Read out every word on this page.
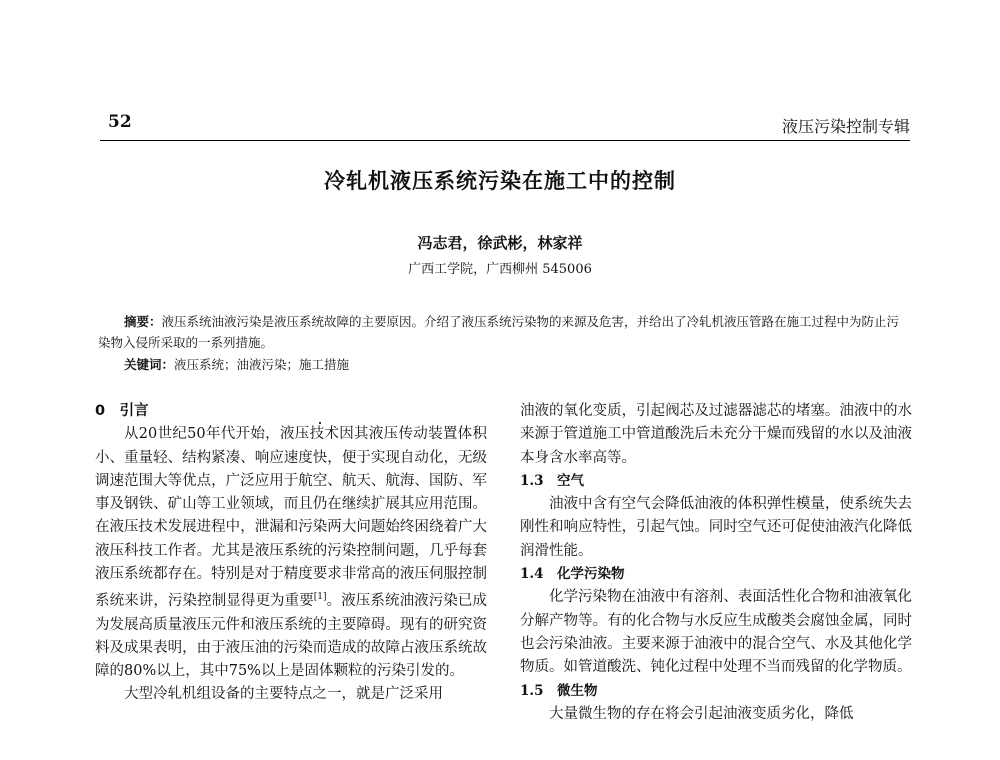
52	液压污染控制专辑
冷轧机液压系统污染在施工中的控制
冯志君，徐武彬，林家祥
广西工学院，广西柳州 545006
摘要：液压系统油液污染是液压系统故障的主要原因。介绍了液压系统污染物的来源及危害，并给出了冷轧机液压管路在施工过程中为防止污染物入侵所采取的一系列措施。
关键词：液压系统；油液污染；施工措施
0　引言
从20世纪50年代开始，液压技术因其液压传动装置体积小、重量轻、结构紧凑、响应速度快，便于实现自动化，无级调速范围大等优点，广泛应用于航空、航天、航海、国防、军事及钢铁、矿山等工业领域，而且仍在继续扩展其应用范围。在液压技术发展进程中，泄漏和污染两大问题始终困绕着广大液压科技工作者。尤其是液压系统的污染控制问题，几乎每套液压系统都存在。特别是对于精度要求非常高的液压伺服控制系统来讲，污染控制显得更为重要[1]。液压系统油液污染已成为发展高质量液压元件和液压系统的主要障碍。现有的研究资料及成果表明，由于液压油的污染而造成的故障占液压系统故障的80%以上，其中75%以上是固体颗粒的污染引发的。
大型冷轧机组设备的主要特点之一，就是广泛采用
油液的氧化变质，引起阀芯及过滤器滤芯的堵塞。油液中的水来源于管道施工中管道酸洗后未充分干燥而残留的水以及油液本身含水率高等。
1.3　空气
油液中含有空气会降低油液的体积弹性模量，使系统失去刚性和响应特性，引起气蚀。同时空气还可促使油液汽化降低润滑性能。
1.4　化学污染物
化学污染物在油液中有溶剂、表面活性化合物和油液氧化分解产物等。有的化合物与水反应生成酸类会腐蚀金属，同时也会污染油液。主要来源于油液中的混合空气、水及其他化学物质。如管道酸洗、钝化过程中处理不当而残留的化学物质。
1.5　微生物
大量微生物的存在将会引起油液变质劣化，降低
